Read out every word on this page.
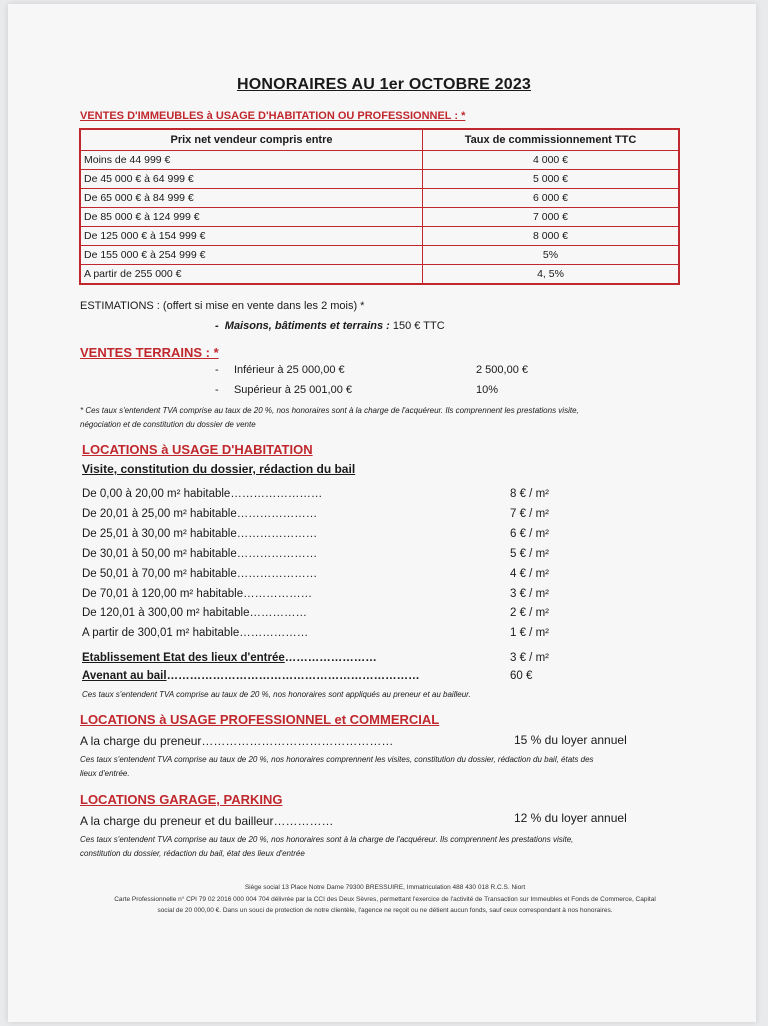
HONORAIRES AU 1er OCTOBRE 2023
VENTES D'IMMEUBLES à USAGE D'HABITATION OU PROFESSIONNEL : *
Prix net vendeur compris entre	Taux de commissionnement TTC
Moins de 44 999 €	4 000 €
De 45 000 € à 64 999 €	5 000 €
De 65 000 € à 84 999 €	6 000 €
De 85 000 € à 124 999 €	7 000 €
De 125 000 € à 154 999 €	8 000 €
De 155 000 € à 254 999 €	5%
A partir de 255 000 €	4, 5%
ESTIMATIONS : (offert si mise en vente dans les 2 mois) *
-  Maisons, bâtiments et terrains : 150 € TTC
VENTES TERRAINS : *
-     Inférieur à 25 000,00 €	2 500,00 €
-     Supérieur à 25 001,00 €	10%
* Ces taux s'entendent TVA comprise au taux de 20 %, nos honoraires sont à la charge de l'acquéreur. Ils comprennent les prestations visite,
négociation et de constitution du dossier de vente
LOCATIONS à USAGE D'HABITATION
Visite, constitution du dossier, rédaction du bail
De 0,00 à 20,00 m² habitable……………………	8 € / m²
De 20,01 à 25,00 m² habitable…………………	7 € / m²
De 25,01 à 30,00 m² habitable…………………	6 € / m²
De 30,01 à 50,00 m² habitable…………………	5 € / m²
De 50,01 à 70,00 m² habitable…………………	4 € / m²
De 70,01 à 120,00 m² habitable………………	3 € / m²
De 120,01 à 300,00 m² habitable……………	2 € / m²
A partir de 300,01 m² habitable………………	1 € / m²
Etablissement Etat des lieux d'entrée……………………	3 € / m²
Avenant au bail…………………………………………………………	60 €
Ces taux s'entendent TVA comprise au taux de 20 %, nos honoraires sont appliqués au preneur et au bailleur.
LOCATIONS à USAGE PROFESSIONNEL et COMMERCIAL
A la charge du preneur…………………………………………	15 % du loyer annuel
Ces taux s'entendent TVA comprise au taux de 20 %, nos honoraires comprennent les visites, constitution du dossier, rédaction du bail, états des
lieux d'entrée.
LOCATIONS GARAGE, PARKING
A la charge du preneur et du bailleur……………	12 % du loyer annuel
Ces taux s'entendent TVA comprise au taux de 20 %, nos honoraires sont à la charge de l'acquéreur. Ils comprennent les prestations visite,
constitution du dossier, rédaction du bail, état des lieux d'entrée
Siège social 13 Place Notre Dame 79300 BRESSUIRE, Immatriculation 488 430 018 R.C.S. Niort
Carte Professionnelle n° CPI 79 02 2016 000 004 704 délivrée par la CCI des Deux Sèvres, permettant l'exercice de l'activité de Transaction sur Immeubles et Fonds de Commerce, Capital
social de 20 000,00 €. Dans un souci de protection de notre clientèle, l'agence ne reçoit ou ne détient aucun fonds, sauf ceux correspondant à nos honoraires.
